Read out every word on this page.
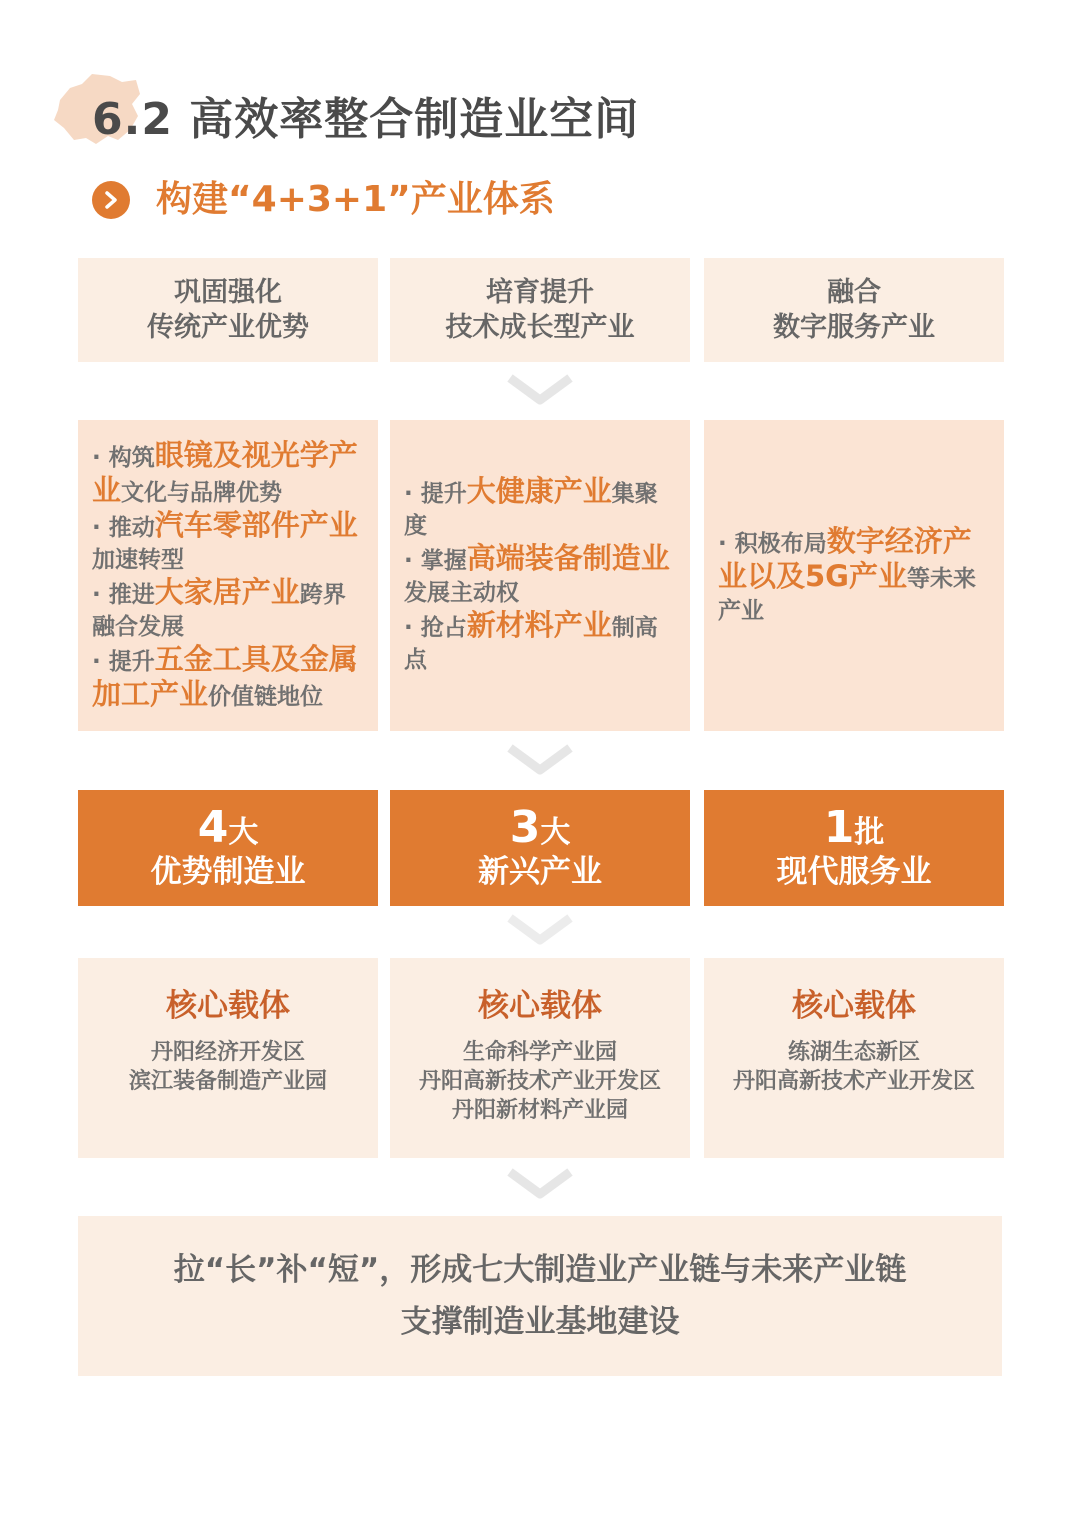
6.2 高效率整合制造业空间
构建“4+3+1”产业体系
巩固强化
传统产业优势
培育提升
技术成长型产业
融合
数字服务产业

· 构筑眼镜及视光学产业文化与品牌优势

· 推动汽车零部件产业加速转型

· 推进大家居产业跨界融合发展

· 提升五金工具及金属加工产业价值链地位

· 提升大健康产业集聚度

· 掌握高端装备制造业发展主动权

· 抢占新材料产业制高点

· 积极布局数字经济产业以及5G产业等未来产业

4大
优势制造业
3大
新兴产业
1批
现代服务业
核心载体
丹阳经济开发区
滨江装备制造产业园
核心载体
生命科学产业园
丹阳高新技术产业开发区
丹阳新材料产业园
核心载体
练湖生态新区
丹阳高新技术产业开发区
拉“长”补“短”，形成七大制造业产业链与未来产业链
支撑制造业基地建设
